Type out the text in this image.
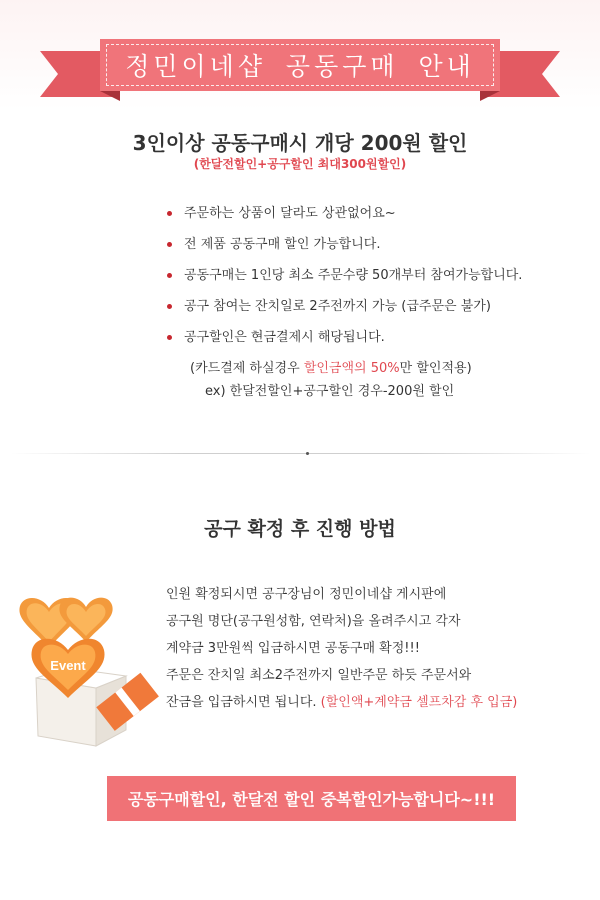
정민이네샵 공동구매 안내
3인이상 공동구매시 개당 200원 할인
(한달전할인+공구할인 최대300원할인)
주문하는 상품이 달라도 상관없어요~
전 제품 공동구매 할인 가능합니다.
공동구매는 1인당 최소 주문수량 50개부터 참여가능합니다.
공구 참여는 잔치일로 2주전까지 가능 (급주문은 불가)
공구할인은 현금결제시 해당됩니다.
(카드결제 하실경우 할인금액의 50%만 할인적용)
ex) 한달전할인+공구할인 경우-200원 할인
공구 확정 후 진행 방법
Event
인원 확정되시면 공구장님이 정민이네샵 게시판에
공구원 명단(공구원성함, 연락처)을 올려주시고 각자
계약금 3만원씩 입금하시면 공동구매 확정!!!
주문은 잔치일 최소2주전까지 일반주문 하듯 주문서와
잔금을 입금하시면 됩니다. (할인액+계약금 셀프차감 후 입금)
공동구매할인, 한달전 할인 중복할인가능합니다~!!!
